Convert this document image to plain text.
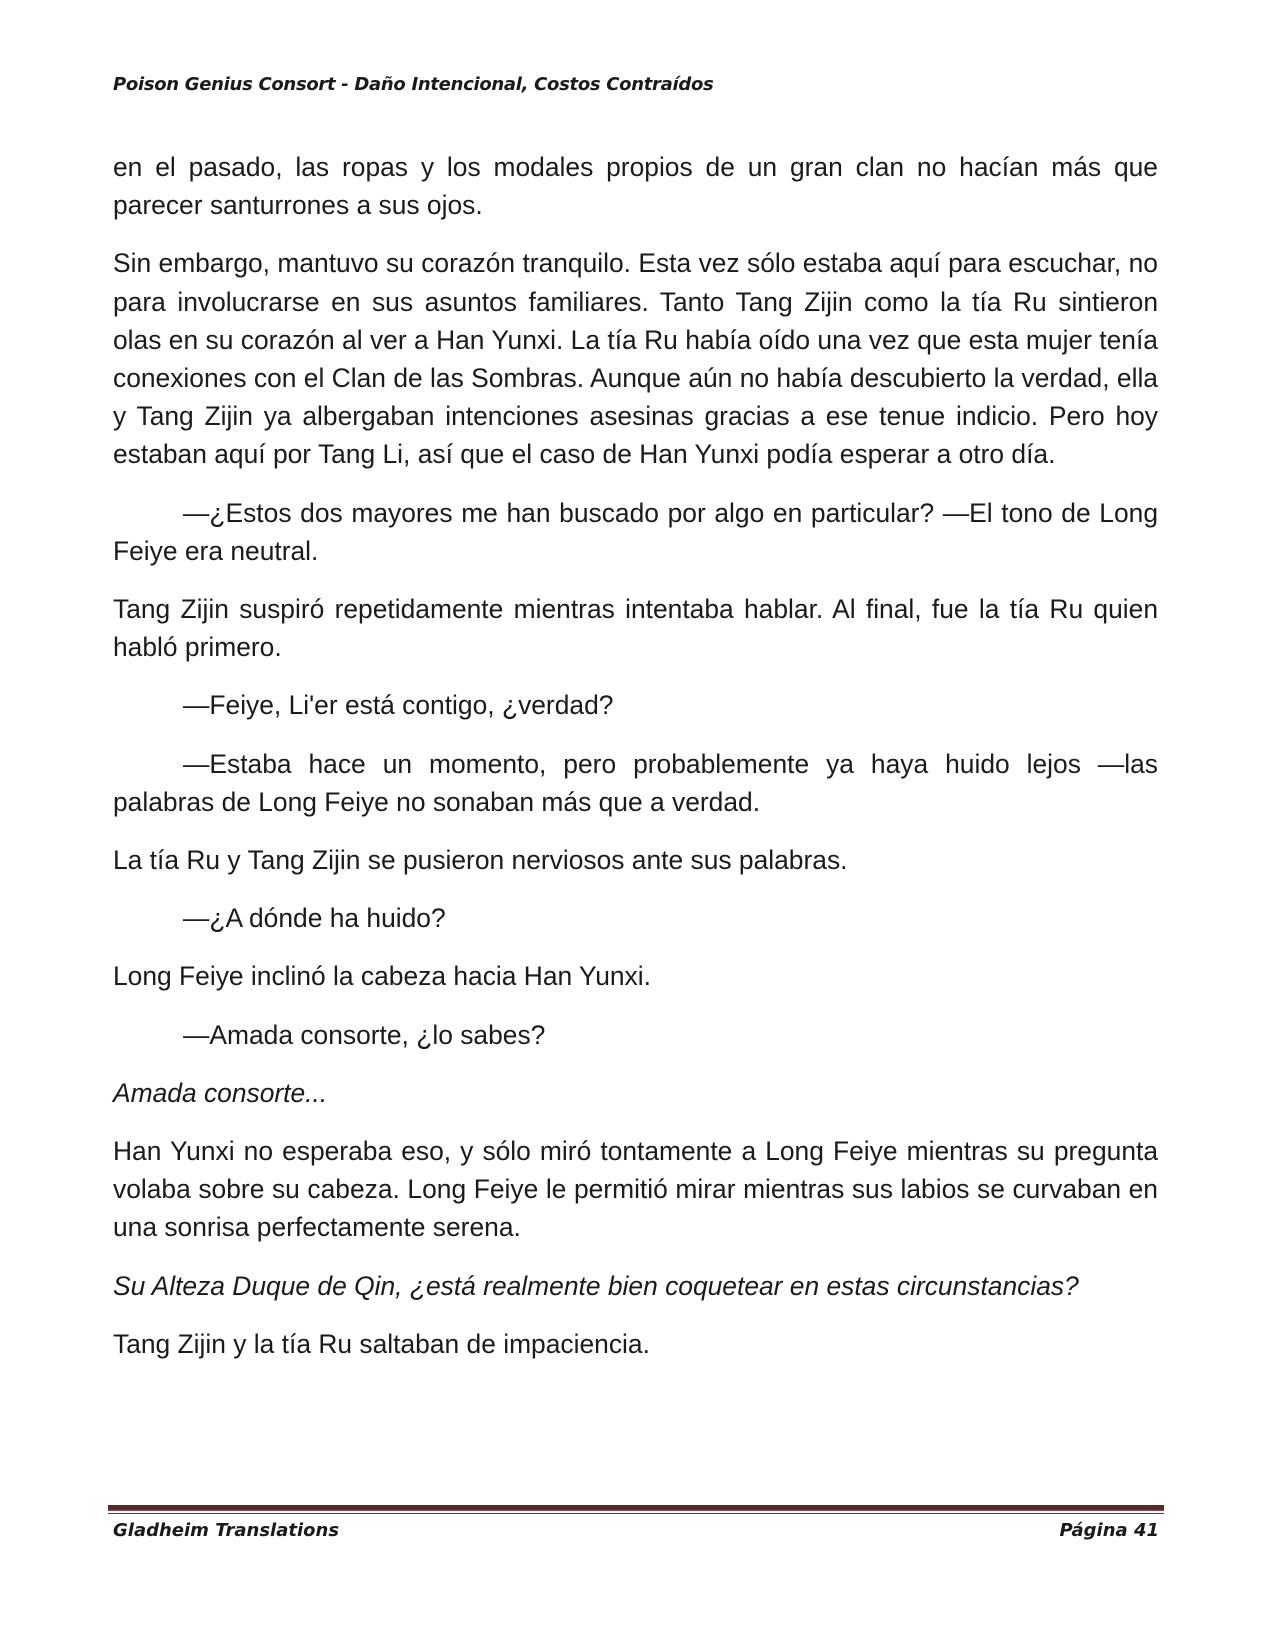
Poison Genius Consort - Daño Intencional, Costos Contraídos

en el pasado, las ropas y los modales propios de un gran clan no hacían más que parecer santurrones a sus ojos.

Sin embargo, mantuvo su corazón tranquilo. Esta vez sólo estaba aquí para escuchar, no para involucrarse en sus asuntos familiares. Tanto Tang Zijin como la tía Ru sintieron olas en su corazón al ver a Han Yunxi. La tía Ru había oído una vez que esta mujer tenía conexiones con el Clan de las Sombras. Aunque aún no había descubierto la verdad, ella y Tang Zijin ya albergaban intenciones asesinas gracias a ese tenue indicio. Pero hoy estaban aquí por Tang Li, así que el caso de Han Yunxi podía esperar a otro día.

—¿Estos dos mayores me han buscado por algo en particular? —El tono de Long Feiye era neutral.

Tang Zijin suspiró repetidamente mientras intentaba hablar. Al final, fue la tía Ru quien habló primero.

—Feiye, Li'er está contigo, ¿verdad?

—Estaba hace un momento, pero probablemente ya haya huido lejos —las palabras de Long Feiye no sonaban más que a verdad.

La tía Ru y Tang Zijin se pusieron nerviosos ante sus palabras.

—¿A dónde ha huido?

Long Feiye inclinó la cabeza hacia Han Yunxi.

—Amada consorte, ¿lo sabes?

Amada consorte...

Han Yunxi no esperaba eso, y sólo miró tontamente a Long Feiye mientras su pregunta volaba sobre su cabeza. Long Feiye le permitió mirar mientras sus labios se curvaban en una sonrisa perfectamente serena.

Su Alteza Duque de Qin, ¿está realmente bien coquetear en estas circunstancias?

Tang Zijin y la tía Ru saltaban de impaciencia.

Gladheim Translations	Página 41
